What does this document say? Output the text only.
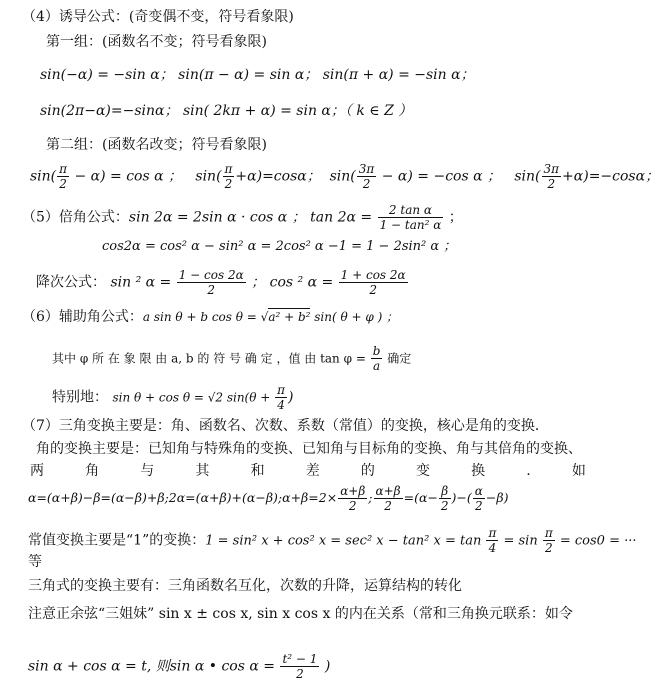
（4）诱导公式：(奇变偶不变，符号看象限)
第一组：(函数名不变；符号看象限)
sin(−α) = −sin α； sin(π − α) = sin α； sin(π + α) = −sin α；
sin(2π−α)=−sinα； sin( 2kπ + α) = sin α；（ k ∈ Z ）
第二组：(函数名改变；符号看象限)
$\sin( \frac{\pi}{2} - \alpha) = \cos \alpha$ ； $\sin( \frac{\pi}{2} +\alpha)=\cos\alpha$； $\sin( \frac{3\pi}{2} - \alpha) = -\cos$ α ； $\sin( \frac{3\pi}{2} +\alpha)=-\cos\alpha$；
（5）倍角公式：sin 2α = 2sin α · cos α ； $\tan 2\alpha = \frac{\text{2 tan α}}{\text{1 − tan² α}}$ ；
cos2α = cos² α − sin² α = 2cos² α −1 = 1 − 2sin² α ；
降次公式： sin ² $\alpha = \frac{1 - \cos 2\alpha}{2}$ ； cos ² $\alpha = \frac{1 + \cos 2\alpha}{2}$
（6）辅助角公式：a sin θ + b cos θ = √a² + b² sin( θ + φ ) ；
其中 φ 所 在 象 限 由 a, b 的 符 号 确 定 ，值 由 $\tan \varphi = \frac{b}{a}$ 确定
特别地： sin θ + cos θ = √2 $\sin(\theta + \frac{\pi}{4}$ )
（7）三角变换主要是：角、函数名、次数、系数（常值）的变换，核心是角的变换．
角的变换主要是：已知角与特殊角的变换、已知角与目标角的变换、角与其倍角的变换、
两	角	与	其	和	差	的	变	换	.	如
α=(α+β)−β=(α−β)+β;2α=(α+β)+(α−β);α+β=2× $\frac{\alpha+\beta}{2}$ ; $\frac{\alpha+\beta}{2} =(\alpha- \frac{\beta}{2}$ )−( $\frac{\alpha}{2} -\beta$)
常值变换主要是“1”的变换：1 = sin² x + cos² x = sec² x − tan² $x = \tan \frac{\pi}{4} = \sin \frac{\pi}{2} = \cos 0$ = ···
等
三角式的变换主要有：三角函数名互化，次数的升降，运算结构的转化
注意正余弦“三姐妹” sin x ± cos x, sin x cos x 的内在关系（常和三角换元联系：如令
sin α + cos α = t, 则sin α • $\cos \alpha = \frac{\text{t² − 1}}{2}$ )
